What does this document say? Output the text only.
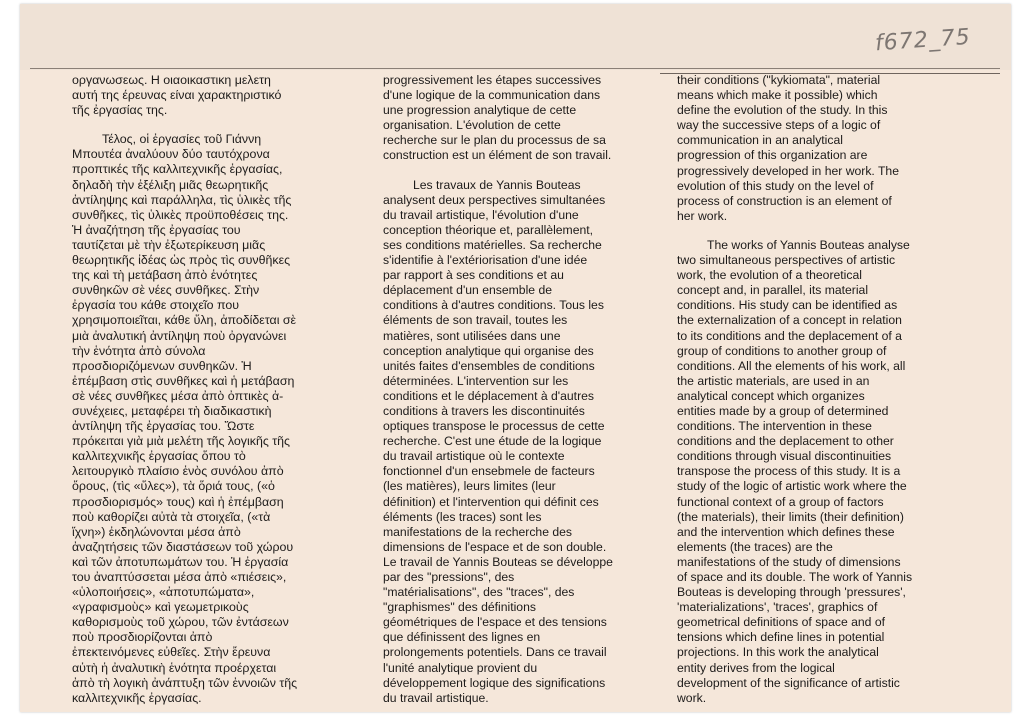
f672_75
οργανωσεως. Η οιαοικαστικη μελετη
αυτή της έρευνας είναι χαρακτηριστικό
τῆς ἐργασίας της.
Τέλος, οἱ ἐργασίες τοῦ Γιάννη
Μπουτέα ἀναλύουν δύο ταυτόχρονα
προπτικές τῆς καλλιτεχνικῆς ἐργασίας,
δηλαδὴ τὴν ἐξέλιξη μιᾶς θεωρητικῆς
ἀντίληψης καὶ παράλληλα, τὶς ὑλικὲς τῆς
συνθῆκες, τὶς ὑλικὲς προϋποθέσεις της.
Ἡ ἀναζήτηση τῆς ἐργασίας του
ταυτίζεται μὲ τὴν ἐξωτερίκευση μιᾶς
θεωρητικῆς ἰδέας ὡς πρὸς τὶς συνθῆκες
της καὶ τὴ μετάβαση ἀπὸ ἑνότητες
συνθηκῶν σὲ νέες συνθῆκες. Στὴν
ἐργασία του κάθε στοιχεῖο που
χρησιμοποιεῖται, κάθε ὕλη, ἀποδίδεται σὲ
μιὰ ἀναλυτική ἀντίληψη ποὺ ὀργανώνει
τὴν ἑνότητα ἀπὸ σύνολα
προσδιοριζόμενων συνθηκῶν. Ἡ
ἐπέμβαση στὶς συνθῆκες καὶ ἡ μετάβαση
σὲ νέες συνθῆκες μέσα ἀπὸ ὀπτικὲς ἀ-
συνέχειες, μεταφέρει τὴ διαδικαστικὴ
ἀντίληψη τῆς ἐργασίας του. Ὥστε
πρόκειται γιὰ μιὰ μελέτη τῆς λογικῆς τῆς
καλλιτεχνικῆς ἐργασίας ὅπου τὸ
λειτουργικὸ πλαίσιο ἑνὸς συνόλου ἀπὸ
ὅρους, (τὶς «ὕλες»), τὰ ὅριά τους, («ὁ
προσδιορισμός» τους) καὶ ἡ ἐπέμβαση
ποὺ καθορίζει αὐτὰ τὰ στοιχεῖα, («τὰ
ἴχνη») ἐκδηλώνονται μέσα ἀπὸ
ἀναζητήσεις τῶν διαστάσεων τοῦ χώρου
καὶ τῶν ἀποτυπωμάτων του. Ἡ ἐργασία
του ἀναπτύσσεται μέσα ἀπὸ «πιέσεις»,
«ὑλοποιήσεις», «ἀποτυπώματα»,
«γραφισμοὺς» καὶ γεωμετρικοὺς
καθορισμοὺς τοῦ χώρου, τῶν ἐντάσεων
ποὺ προσδιορίζονται ἀπὸ
ἐπεκτεινόμενες εὐθεῖες. Στὴν ἔρευνα
αὐτὴ ἡ ἀναλυτικὴ ἑνότητα προέρχεται
ἀπὸ τὴ λογικὴ ἀνάπτυξη τῶν ἐννοιῶν τῆς
καλλιτεχνικῆς ἐργασίας.
progressivement les étapes successives
d'une logique de la communication dans
une progression analytique de cette
organisation. L'évolution de cette
recherche sur le plan du processus de sa
construction est un élément de son travail.
Les travaux de Yannis Bouteas
analysent deux perspectives simultanées
du travail artistique, l'évolution d'une
conception théorique et, parallèlement,
ses conditions matérielles. Sa recherche
s'identifie à l'extériorisation d'une idée
par rapport à ses conditions et au
déplacement d'un ensemble de
conditions à d'autres conditions. Tous les
éléments de son travail, toutes les
matières, sont utilisées dans une
conception analytique qui organise des
unités faites d'ensembles de conditions
déterminées. L'intervention sur les
conditions et le déplacement à d'autres
conditions à travers les discontinuités
optiques transpose le processus de cette
recherche. C'est une étude de la logique
du travail artistique où le contexte
fonctionnel d'un ensebmele de facteurs
(les matières), leurs limites (leur
définition) et l'intervention qui définit ces
éléments (les traces) sont les
manifestations de la recherche des
dimensions de l'espace et de son double.
Le travail de Yannis Bouteas se développe
par des "pressions", des
"matérialisations", des "traces", des
"graphismes" des définitions
géométriques de l'espace et des tensions
que définissent des lignes en
prolongements potentiels. Dans ce travail
l'unité analytique provient du
développement logique des significations
du travail artistique.
their conditions ("kykiomata", material
means which make it possible) which
define the evolution of the study. In this
way the successive steps of a logic of
communication in an analytical
progression of this organization are
progressively developed in her work. The
evolution of this study on the level of
process of construction is an element of
her work.
The works of Yannis Bouteas analyse
two simultaneous perspectives of artistic
work, the evolution of a theoretical
concept and, in parallel, its material
conditions. His study can be identified as
the externalization of a concept in relation
to its conditions and the deplacement of a
group of conditions to another group of
conditions. All the elements of his work, all
the artistic materials, are used in an
analytical concept which organizes
entities made by a group of determined
conditions. The intervention in these
conditions and the deplacement to other
conditions through visual discontinuities
transpose the process of this study. It is a
study of the logic of artistic work where the
functional context of a group of factors
(the materials), their limits (their definition)
and the intervention which defines these
elements (the traces) are the
manifestations of the study of dimensions
of space and its double. The work of Yannis
Bouteas is developing through 'pressures',
'materializations', 'traces', graphics of
geometrical definitions of space and of
tensions which define lines in potential
projections. In this work the analytical
entity derives from the logical
development of the significance of artistic
work.
